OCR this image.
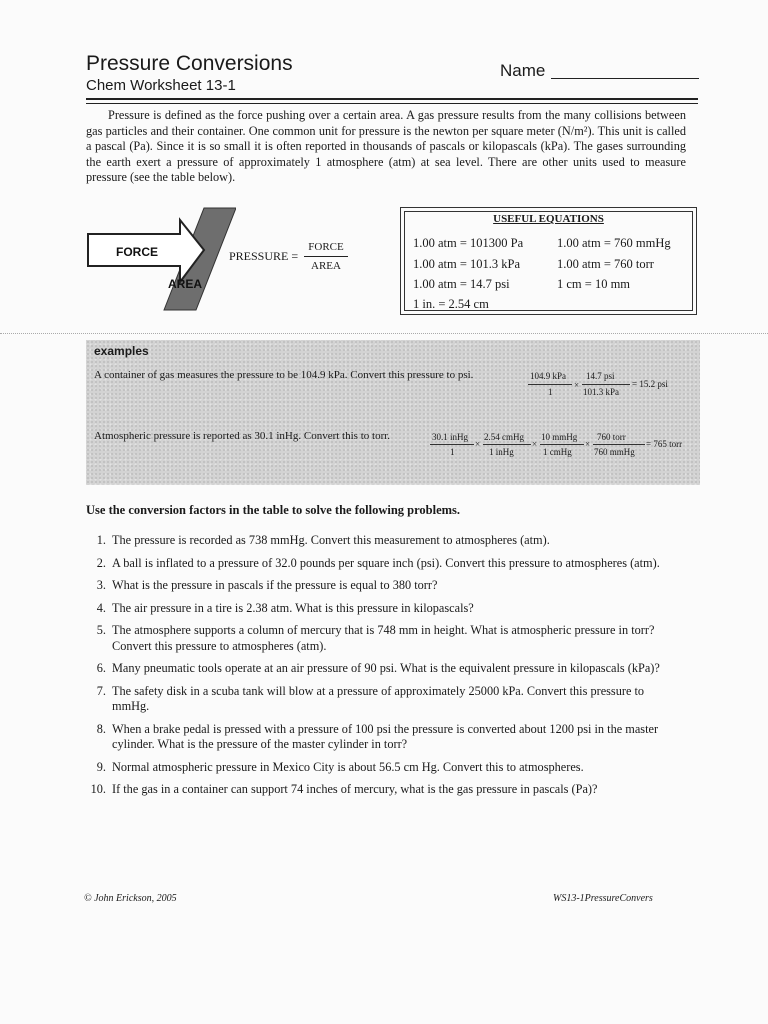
Pressure Conversions
Chem Worksheet 13-1
Name
Pressure is defined as the force pushing over a certain area. A gas pressure results from the many collisions between gas particles and their container. One common unit for pressure is the newton per square meter (N/m²). This unit is called a pascal (Pa). Since it is so small it is often reported in thousands of pascals or kilopascals (kPa). The gases surrounding the earth exert a pressure of approximately 1 atmosphere (atm) at sea level. There are other units used to measure pressure (see the table below).
FORCE
AREA
PRESSURE =
FORCE
AREA
USEFUL EQUATIONS
1.00 atm = 101300 Pa
1.00 atm = 101.3 kPa
1.00 atm = 14.7 psi
1 in. = 2.54 cm
1.00 atm = 760 mmHg
1.00 atm = 760 torr
1 cm = 10 mm
examples
A container of gas measures the pressure to be 104.9 kPa. Convert this pressure to psi.	104.9 kPa
1
×
14.7 psi
101.3 kPa
= 15.2 psi
Atmospheric pressure is reported as 30.1 inHg. Convert this to torr.	30.1 inHg
1
×
2.54 cmHg
1 inHg
×
10 mmHg
1 cmHg
×
760 torr
760 mmHg
= 765 torr
Use the conversion factors in the table to solve the following problems.
1. The pressure is recorded as 738 mmHg. Convert this measurement to atmospheres (atm).
2. A ball is inflated to a pressure of 32.0 pounds per square inch (psi). Convert this pressure to atmospheres (atm).
3. What is the pressure in pascals if the pressure is equal to 380 torr?
4. The air pressure in a tire is 2.38 atm. What is this pressure in kilopascals?
5. The atmosphere supports a column of mercury that is 748 mm in height. What is atmospheric pressure in torr? Convert this pressure to atmospheres (atm).
6. Many pneumatic tools operate at an air pressure of 90 psi. What is the equivalent pressure in kilopascals (kPa)?
7. The safety disk in a scuba tank will blow at a pressure of approximately 25000 kPa. Convert this pressure to mmHg.
8. When a brake pedal is pressed with a pressure of 100 psi the pressure is converted about 1200 psi in the master cylinder. What is the pressure of the master cylinder in torr?
9. Normal atmospheric pressure in Mexico City is about 56.5 cm Hg. Convert this to atmospheres.
10. If the gas in a container can support 74 inches of mercury, what is the gas pressure in pascals (Pa)?
© John Erickson, 2005	WS13-1PressureConvers
